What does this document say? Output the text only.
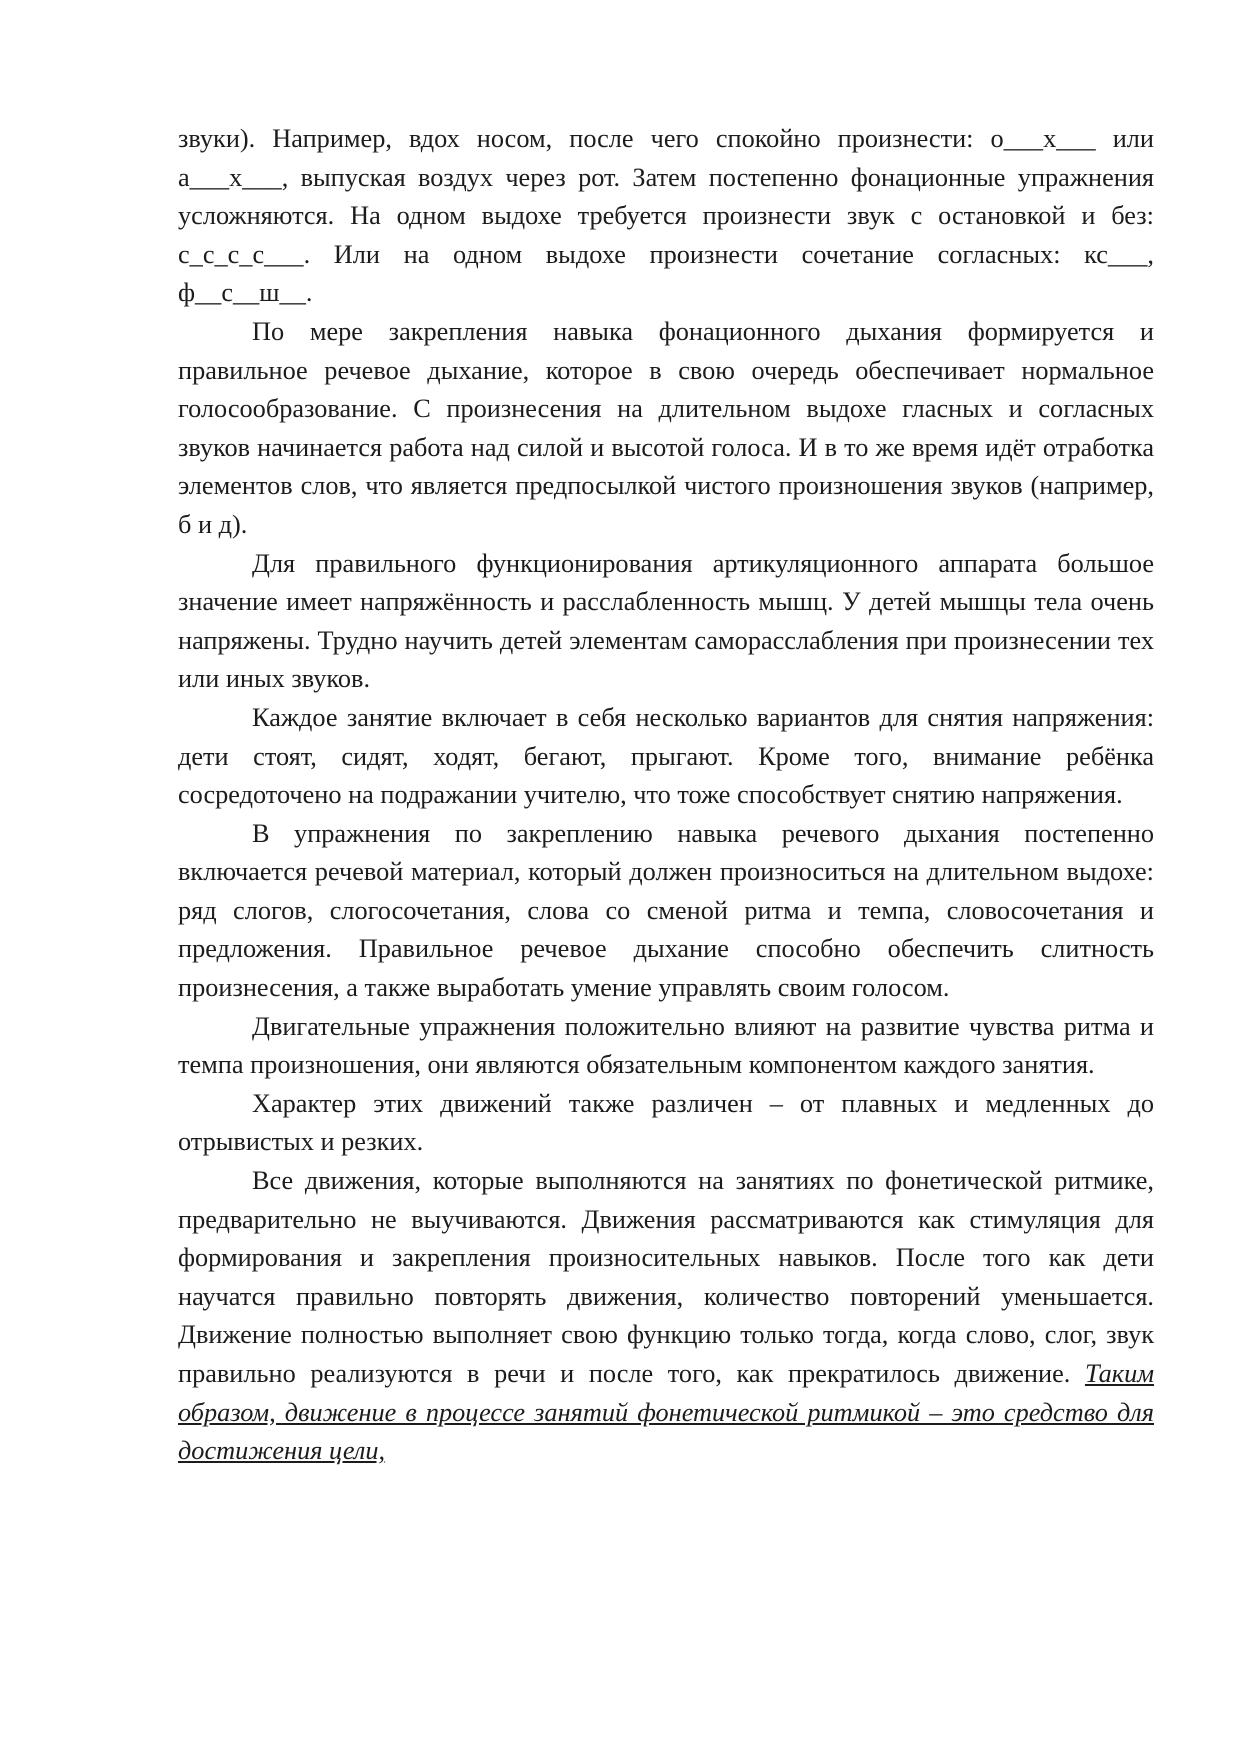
звуки). Например, вдох носом, после чего спокойно произнести: о___х___ или а___х___, выпуская воздух через рот. Затем постепенно фонационные упражнения усложняются. На одном выдохе требуется произнести звук с остановкой и без: с_с_с_с___. Или на одном выдохе произнести сочетание согласных: кс___, ф__с__ш__.

По мере закрепления навыка фонационного дыхания формируется и правильное речевое дыхание, которое в свою очередь обеспечивает нормальное голосообразование. С произнесения на длительном выдохе гласных и согласных звуков начинается работа над силой и высотой голоса. И в то же время идёт отработка элементов слов, что является предпосылкой чистого произношения звуков (например, б и д).

Для правильного функционирования артикуляционного аппарата большое значение имеет напряжённость и расслабленность мышц. У детей мышцы тела очень напряжены. Трудно научить детей элементам саморасслабления при произнесении тех или иных звуков.

Каждое занятие включает в себя несколько вариантов для снятия напряжения: дети стоят, сидят, ходят, бегают, прыгают. Кроме того, внимание ребёнка сосредоточено на подражании учителю, что тоже способствует снятию напряжения.

В упражнения по закреплению навыка речевого дыхания постепенно включается речевой материал, который должен произноситься на длительном выдохе: ряд слогов, слогосочетания, слова со сменой ритма и темпа, словосочетания и предложения. Правильное речевое дыхание способно обеспечить слитность произнесения, а также выработать умение управлять своим голосом.

Двигательные упражнения положительно влияют на развитие чувства ритма и темпа произношения, они являются обязательным компонентом каждого занятия.

Характер этих движений также различен – от плавных и медленных до отрывистых и резких.

Все движения, которые выполняются на занятиях по фонетической ритмике, предварительно не выучиваются. Движения рассматриваются как стимуляция для формирования и закрепления произносительных навыков. После того как дети научатся правильно повторять движения, количество повторений уменьшается. Движение полностью выполняет свою функцию только тогда, когда слово, слог, звук правильно реализуются в речи и после того, как прекратилось движение. Таким образом, движение в процессе занятий фонетической ритмикой – это средство для достижения цели,
